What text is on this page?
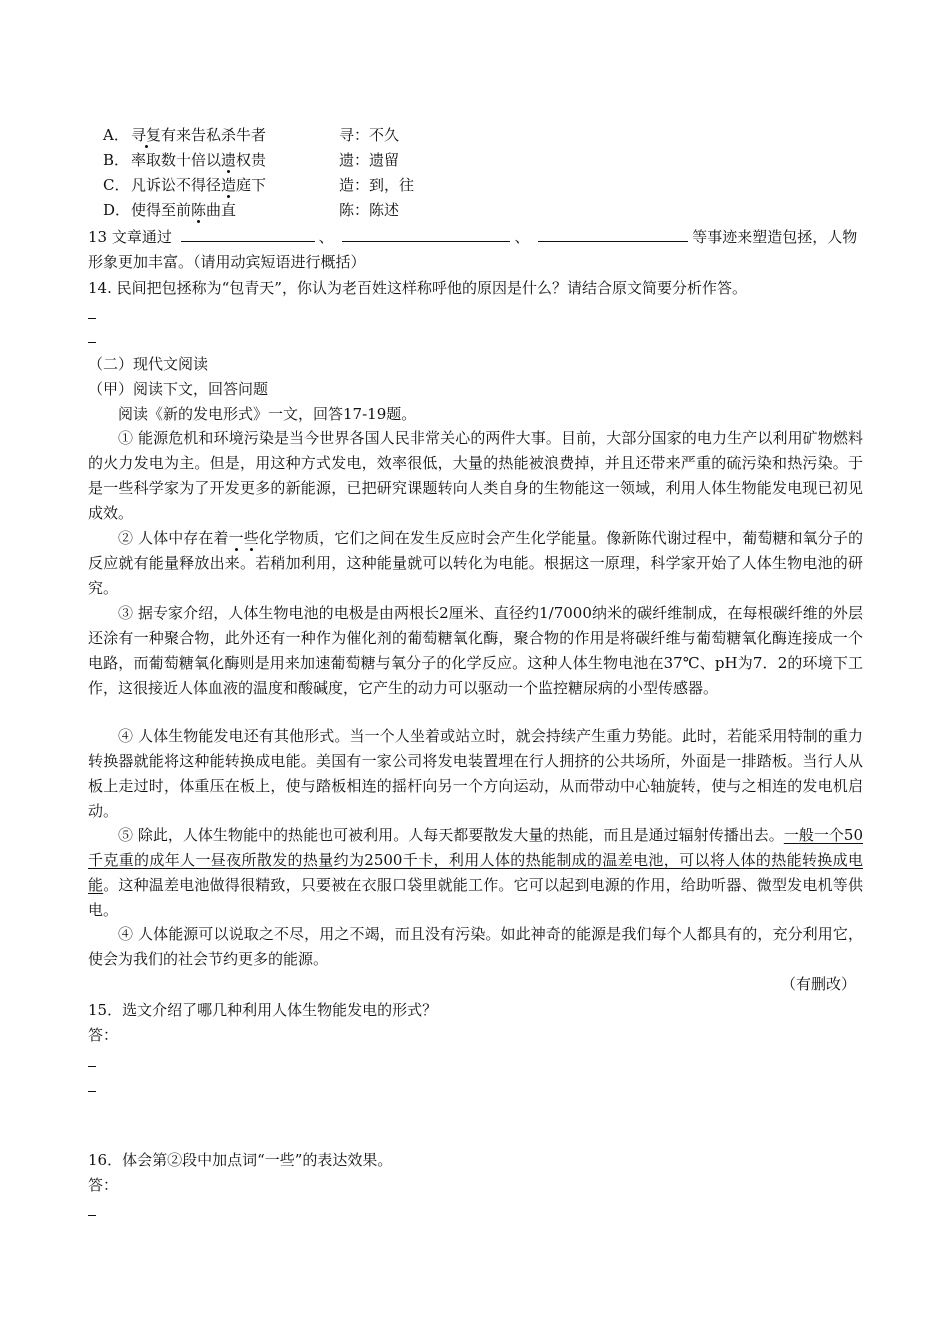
A． 寻复有来告私杀牛者	寻：不久
B． 率取数十倍以遗权贵	遗：遗留
C． 凡诉讼不得径造庭下	造：到，往
D． 使得至前陈曲直	陈：陈述
13 文章通过	、	、	等事迹来塑造包拯，人物
形象更加丰富。（请用动宾短语进行概括）
14. 民间把包拯称为“包青天”，你认为老百姓这样称呼他的原因是什么？请结合原文简要分析作答。
（二）现代文阅读
（甲）阅读下文，回答问题
阅读《新的发电形式》一文，回答17-19题。
① 能源危机和环境污染是当今世界各国人民非常关心的两件大事。目前，大部分国家的电力生产以利用矿物燃料的火力发电为主。但是，用这种方式发电，效率很低，大量的热能被浪费掉，并且还带来严重的硫污染和热污染。于是一些科学家为了开发更多的新能源，已把研究课题转向人类自身的生物能这一领域，利用人体生物能发电现已初见成效。
② 人体中存在着一些化学物质，它们之间在发生反应时会产生化学能量。像新陈代谢过程中，葡萄糖和氧分子的反应就有能量释放出来。若稍加利用，这种能量就可以转化为电能。根据这一原理，科学家开始了人体生物电池的研究。
③ 据专家介绍，人体生物电池的电极是由两根长2厘米、直径约1/7000纳米的碳纤维制成，在每根碳纤维的外层还涂有一种聚合物，此外还有一种作为催化剂的葡萄糖氧化酶，聚合物的作用是将碳纤维与葡萄糖氧化酶连接成一个电路，而葡萄糖氧化酶则是用来加速葡萄糖与氧分子的化学反应。这种人体生物电池在37℃、pH为7．2的环境下工作，这很接近人体血液的温度和酸碱度，它产生的动力可以驱动一个监控糖尿病的小型传感器。
④ 人体生物能发电还有其他形式。当一个人坐着或站立时，就会持续产生重力势能。此时，若能采用特制的重力转换器就能将这种能转换成电能。美国有一家公司将发电装置埋在行人拥挤的公共场所，外面是一排踏板。当行人从板上走过时，体重压在板上，使与踏板相连的摇杆向另一个方向运动，从而带动中心轴旋转，使与之相连的发电机启动。
⑤ 除此，人体生物能中的热能也可被利用。人每天都要散发大量的热能，而且是通过辐射传播出去。一般一个50千克重的成年人一昼夜所散发的热量约为2500千卡，利用人体的热能制成的温差电池，可以将人体的热能转换成电能。这种温差电池做得很精致，只要被在衣服口袋里就能工作。它可以起到电源的作用，给助听器、微型发电机等供电。
④ 人体能源可以说取之不尽，用之不竭，而且没有污染。如此神奇的能源是我们每个人都具有的，充分利用它，使会为我们的社会节约更多的能源。
（有删改）
15．选文介绍了哪几种利用人体生物能发电的形式？
答：
16．体会第②段中加点词“一些”的表达效果。
答：
